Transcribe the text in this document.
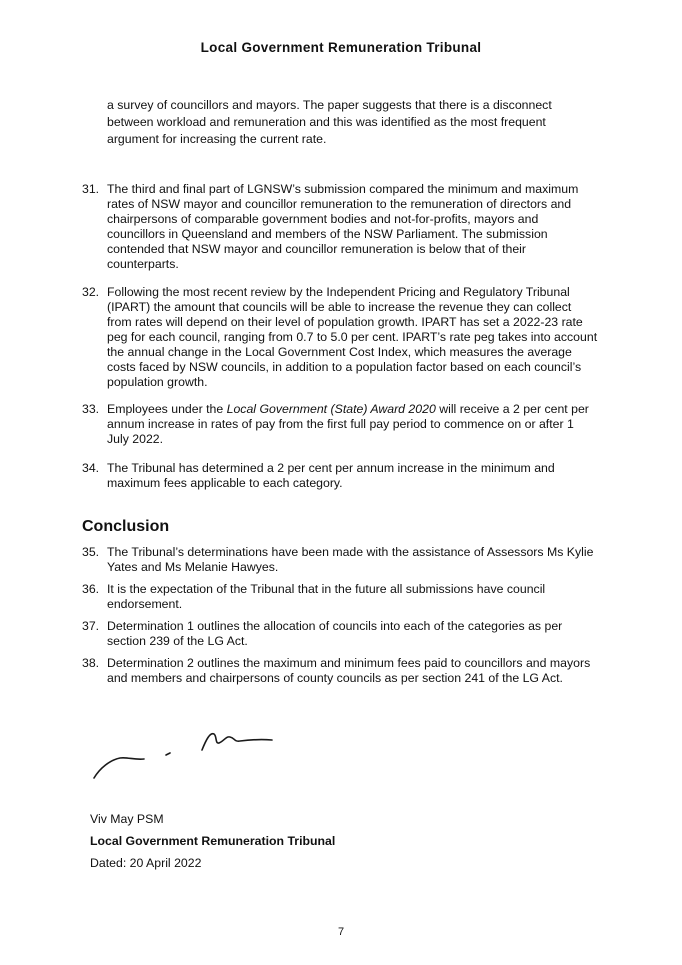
Local Government Remuneration Tribunal
a survey of councillors and mayors. The paper suggests that there is a disconnect between workload and remuneration and this was identified as the most frequent argument for increasing the current rate.
31. The third and final part of LGNSW’s submission compared the minimum and maximum rates of NSW mayor and councillor remuneration to the remuneration of directors and chairpersons of comparable government bodies and not-for-profits, mayors and councillors in Queensland and members of the NSW Parliament. The submission contended that NSW mayor and councillor remuneration is below that of their counterparts.
32. Following the most recent review by the Independent Pricing and Regulatory Tribunal (IPART) the amount that councils will be able to increase the revenue they can collect from rates will depend on their level of population growth. IPART has set a 2022-23 rate peg for each council, ranging from 0.7 to 5.0 per cent. IPART’s rate peg takes into account the annual change in the Local Government Cost Index, which measures the average costs faced by NSW councils, in addition to a population factor based on each council’s population growth.
33. Employees under the Local Government (State) Award 2020 will receive a 2 per cent per annum increase in rates of pay from the first full pay period to commence on or after 1 July 2022.
34. The Tribunal has determined a 2 per cent per annum increase in the minimum and maximum fees applicable to each category.
Conclusion
35. The Tribunal’s determinations have been made with the assistance of Assessors Ms Kylie Yates and Ms Melanie Hawyes.
36. It is the expectation of the Tribunal that in the future all submissions have council endorsement.
37. Determination 1 outlines the allocation of councils into each of the categories as per section 239 of the LG Act.
38. Determination 2 outlines the maximum and minimum fees paid to councillors and mayors and members and chairpersons of county councils as per section 241 of the LG Act.
Viv May PSM
Local Government Remuneration Tribunal
Dated: 20 April 2022
7
